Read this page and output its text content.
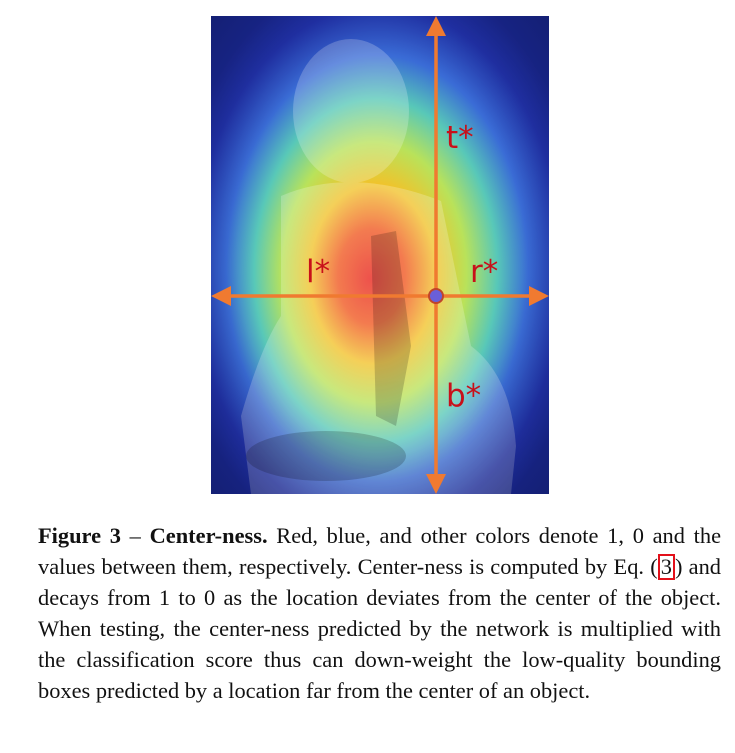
t*
l*	r*
b*
Figure 3 – Center-ness. Red, blue, and other colors denote 1, 0 and the values between them, respectively. Center-ness is computed by Eq. ( 3 ) and decays from 1 to 0 as the location deviates from the center of the object. When testing, the center-ness predicted by the network is multiplied with the classification score thus can down-weight the low-quality bounding boxes predicted by a location far from the center of an object.
